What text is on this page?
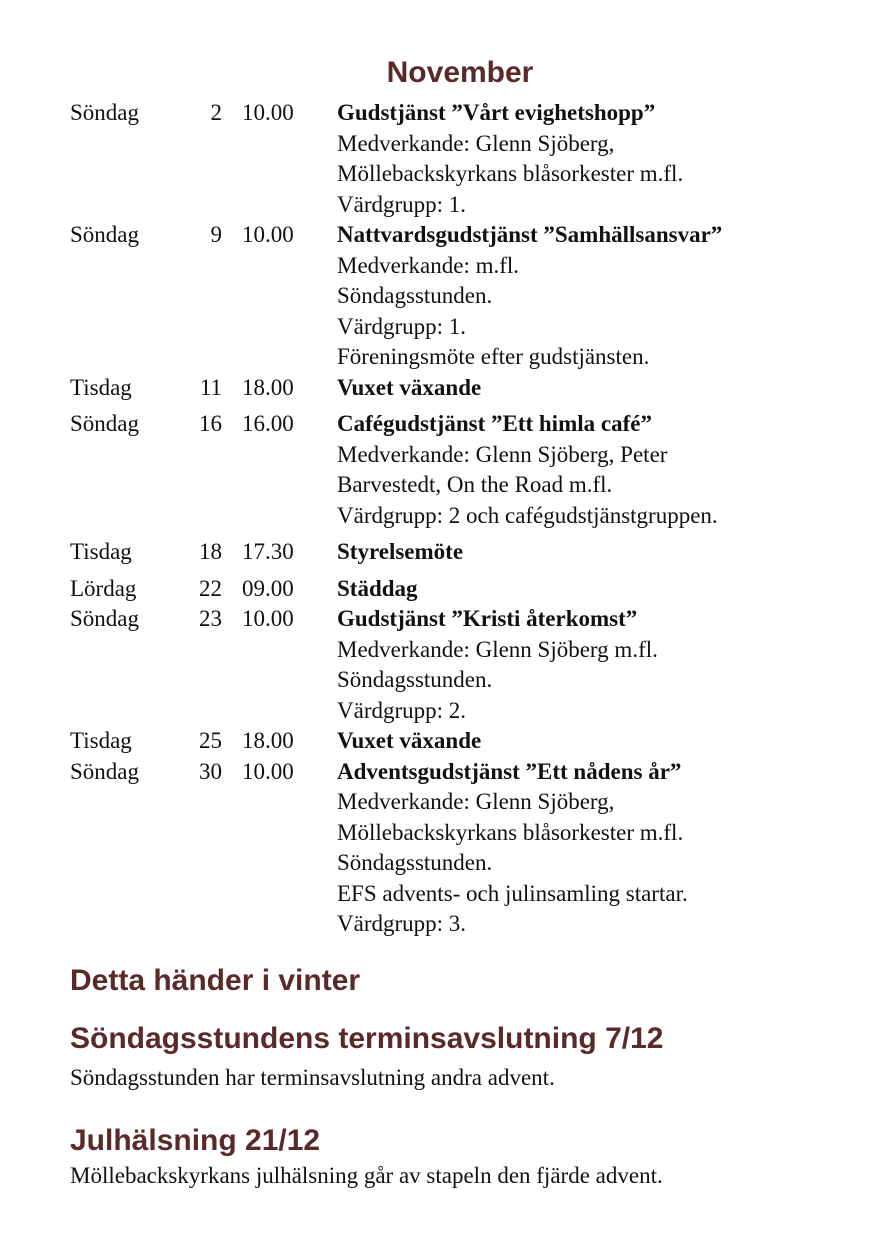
November
Söndag	2 10.00	Gudstjänst ”Vårt evighetshopp”
Medverkande: Glenn Sjöberg,
Möllebackskyrkans blåsorkester m.fl.
Värdgrupp: 1.
Söndag	9 10.00	Nattvardsgudstjänst ”Samhällsansvar”
Medverkande: m.fl.
Söndagsstunden.
Värdgrupp: 1.
Föreningsmöte efter gudstjänsten.
Tisdag	11 18.00	Vuxet växande
Söndag	16 16.00	Cafégudstjänst ”Ett himla café”
Medverkande: Glenn Sjöberg, Peter
Barvestedt, On the Road m.fl.
Värdgrupp: 2 och cafégudstjänstgruppen.
Tisdag	18 17.30	Styrelsemöte
Lördag	22 09.00	Städdag
Söndag	23 10.00	Gudstjänst ”Kristi återkomst”
Medverkande: Glenn Sjöberg m.fl.
Söndagsstunden.
Värdgrupp: 2.
Tisdag	25 18.00	Vuxet växande
Söndag	30 10.00	Adventsgudstjänst ”Ett nådens år”
Medverkande: Glenn Sjöberg,
Möllebackskyrkans blåsorkester m.fl.
Söndagsstunden.
EFS advents- och julinsamling startar.
Värdgrupp: 3.
Detta händer i vinter
Söndagsstundens terminsavslutning 7/12

Söndagsstunden har terminsavslutning andra advent.

Julhälsning 21/12

Möllebackskyrkans julhälsning går av stapeln den fjärde advent.
